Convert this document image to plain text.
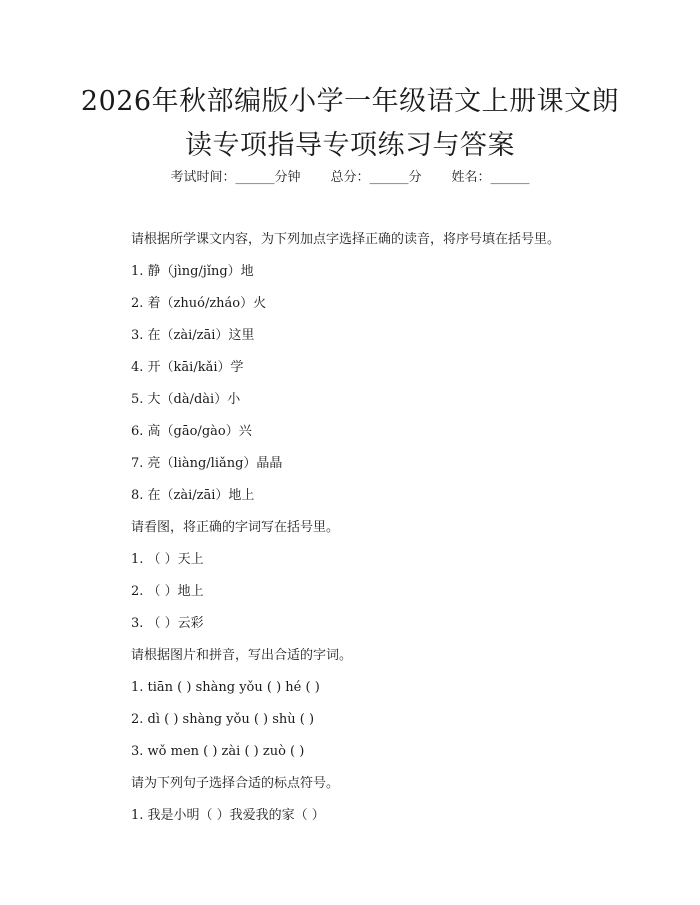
2026年秋部编版小学一年级语文上册课文朗
读专项指导专项练习与答案
考试时间：______分钟 总分：______分 姓名：______

请根据所学课文内容，为下列加点字选择正确的读音，将序号填在括号里。

1. 静（jìng/jǐng）地

2. 着（zhuó/zháo）火

3. 在（zài/zāi）这里

4. 开（kāi/kǎi）学

5. 大（dà/dài）小

6. 高（gāo/gào）兴

7. 亮（liàng/liǎng）晶晶

8. 在（zài/zāi）地上

请看图，将正确的字词写在括号里。

1. （ ）天上

2. （ ）地上

3. （ ）云彩

请根据图片和拼音，写出合适的字词。

1. tiān ( ) shàng yǒu ( ) hé ( )

2. dì ( ) shàng yǒu ( ) shù ( )

3. wǒ men ( ) zài ( ) zuò ( )

请为下列句子选择合适的标点符号。

1. 我是小明（ ）我爱我的家（ ）
